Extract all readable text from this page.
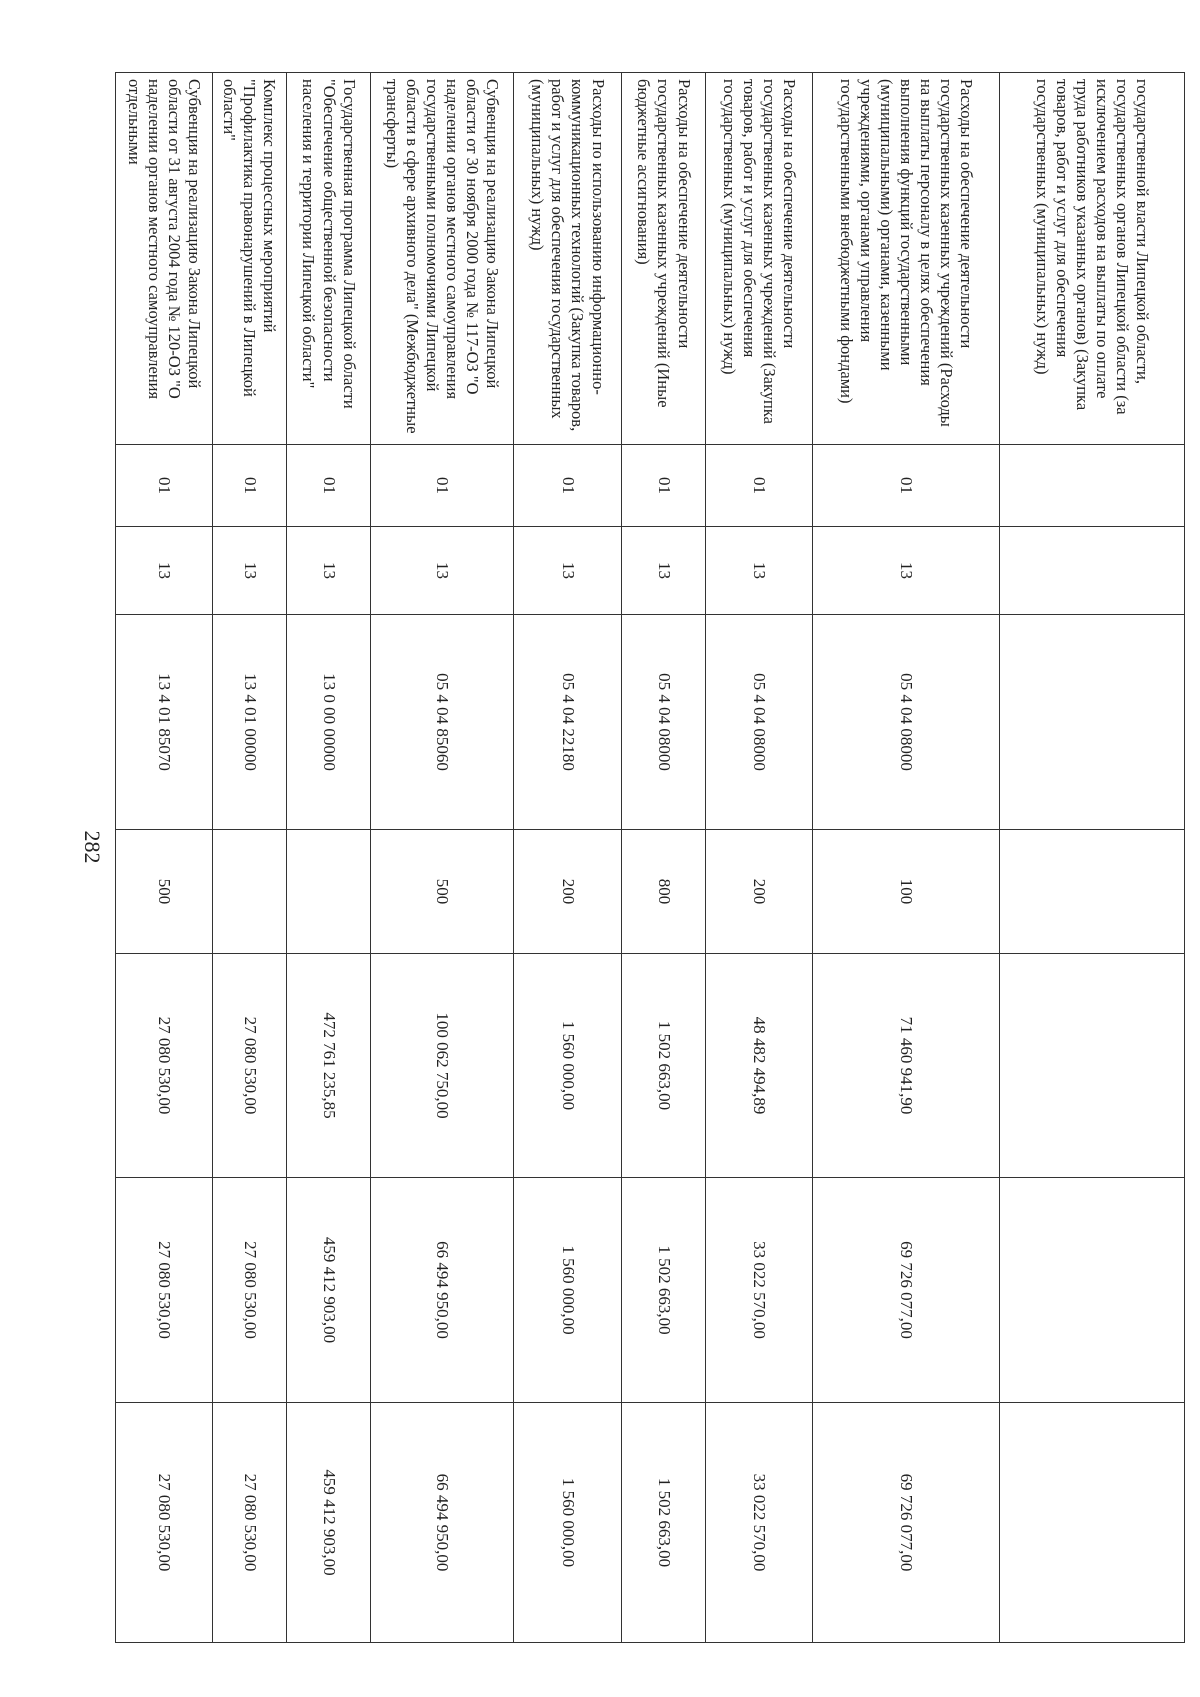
282
государственной власти Липецкой области, государственных органов Липецкой области (за исключением расходов на выплаты по оплате труда работников указанных органов) (Закупка товаров, работ и услуг для обеспечения государственных (муниципальных) нужд)							
Расходы на обеспечение деятельности государственных казенных учреждений (Расходы на выплаты персоналу в целях обеспечения выполнения функций государственными (муниципальными) органами, казенными учреждениями, органами управления государственными внебюджетными фондами)	01	13	05 4 04 08000	100	71 460 941,90	69 726 077,00	69 726 077,00
Расходы на обеспечение деятельности государственных казенных учреждений (Закупка товаров, работ и услуг для обеспечения государственных (муниципальных) нужд)	01	13	05 4 04 08000	200	48 482 494,89	33 022 570,00	33 022 570,00
Расходы на обеспечение деятельности государственных казенных учреждений (Иные бюджетные ассигнования)	01	13	05 4 04 08000	800	1 502 663,00	1 502 663,00	1 502 663,00
Расходы по использованию информационно-коммуникационных технологий (Закупка товаров, работ и услуг для обеспечения государственных (муниципальных) нужд)	01	13	05 4 04 22180	200	1 560 000,00	1 560 000,00	1 560 000,00
Субвенция на реализацию Закона Липецкой области от 30 ноября 2000 года № 117-ОЗ "О наделении органов местного самоуправления государственными полномочиями Липецкой области в сфере архивного дела" (Межбюджетные трансферты)	01	13	05 4 04 85060	500	100 062 750,00	66 494 950,00	66 494 950,00
Государственная программа Липецкой области "Обеспечение общественной безопасности населения и территории Липецкой области"	01	13	13 0 00 00000		472 761 235,85	459 412 903,00	459 412 903,00
Комплекс процессных мероприятий "Профилактика правонарушений в Липецкой области"	01	13	13 4 01 00000		27 080 530,00	27 080 530,00	27 080 530,00
Субвенция на реализацию Закона Липецкой области от 31 августа 2004 года № 120-ОЗ "О наделении органов местного самоуправления отдельными	01	13	13 4 01 85070	500	27 080 530,00	27 080 530,00	27 080 530,00
